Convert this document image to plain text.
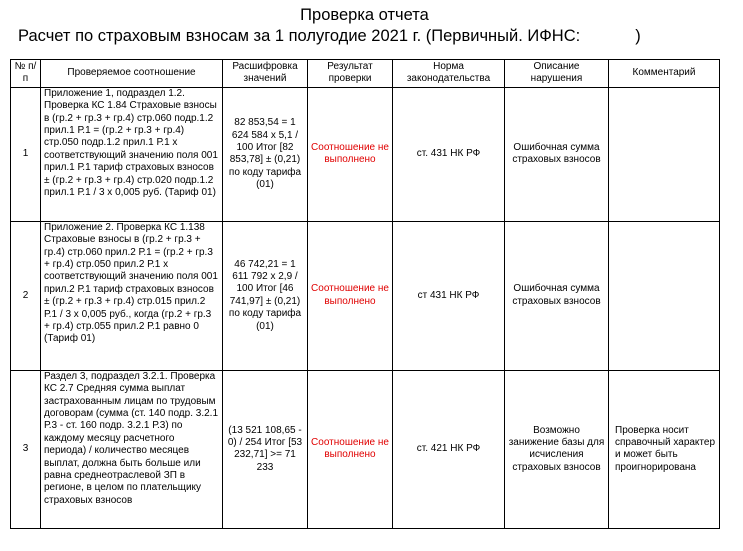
Проверка отчета
Расчет по страховым взносам за 1 полугодие 2021 г. (Первичный. ИФНС:            )
№ п/п	Проверяемое соотношение	Расшифровка значений	Результат проверки	Норма законодательства	Описание нарушения	Комментарий
1	Приложение 1, подраздел 1.2. Проверка КС 1.84 Страховые взносы в (гр.2 + гр.3 + гр.4) стр.060 подр.1.2 прил.1 Р.1 = (гр.2 + гр.3 + гр.4) стр.050 подр.1.2 прил.1 Р.1 х соответствующий значению поля 001 прил.1 Р.1 тариф страховых взносов ± (гр.2 + гр.3 + гр.4) стр.020 подр.1.2 прил.1 Р.1 / 3 х 0,005 руб. (Тариф 01)	82 853,54 = 1 624 584 х 5,1 / 100 Итог [82 853,78] ± (0,21) по коду тарифа (01)	Соотношение не выполнено	ст. 431 НК РФ	Ошибочная сумма страховых взносов	
2	Приложение 2. Проверка КС 1.138 Страховые взносы в (гр.2 + гр.3 + гр.4) стр.060 прил.2 Р.1 = (гр.2 + гр.3 + гр.4) стр.050 прил.2 Р.1 х соответствующий значению поля 001 прил.2 Р.1 тариф страховых взносов ± (гр.2 + гр.3 + гр.4) стр.015 прил.2 Р.1 / 3 х 0,005 руб., когда (гр.2 + гр.3 + гр.4) стр.055 прил.2 Р.1 равно 0 (Тариф 01)	46 742,21 = 1 611 792 х 2,9 / 100 Итог [46 741,97] ± (0,21) по коду тарифа (01)	Соотношение не выполнено	ст 431 НК РФ	Ошибочная сумма страховых взносов	
3	Раздел 3, подраздел 3.2.1. Проверка КС 2.7 Средняя сумма выплат застрахованным лицам по трудовым договорам (сумма (ст. 140 подр. 3.2.1 Р.3 - ст. 160 подр. 3.2.1 Р.3) по каждому месяцу расчетного периода) / количество месяцев выплат, должна быть больше или равна среднеотраслевой ЗП в регионе, в целом по плательщику страховых взносов	(13 521 108,65 - 0) / 254 Итог [53 232,71] >= 71 233	Соотношение не выполнено	ст. 421 НК РФ	Возможно занижение базы для исчисления страховых взносов	Проверка носит справочный характер и может быть проигнорирована
